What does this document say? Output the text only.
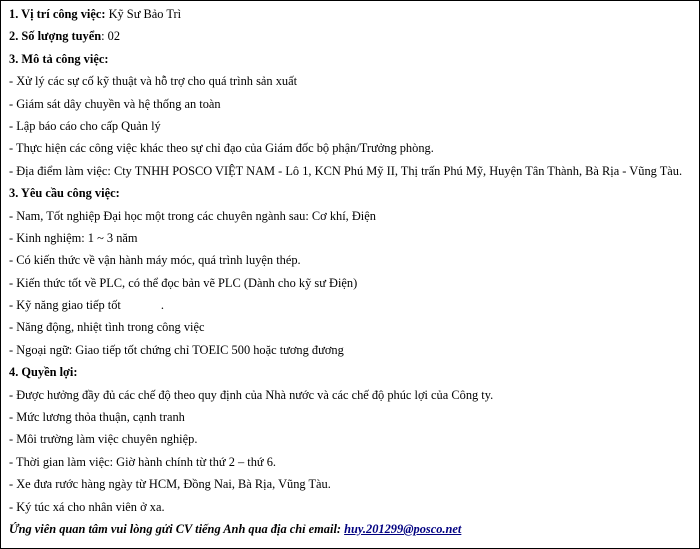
1. Vị trí công việc: Kỹ Sư Bảo Trì
2. Số lượng tuyển: 02
3. Mô tả công việc:
- Xử lý các sự cố kỹ thuật và hỗ trợ cho quá trình sản xuất
- Giám sát dây chuyền và hệ thống an toàn
- Lập báo cáo cho cấp Quản lý
- Thực hiện các công việc khác theo sự chỉ đạo của Giám đốc bộ phận/Trưởng phòng.
- Địa điểm làm việc: Cty TNHH POSCO VIỆT NAM - Lô 1, KCN Phú Mỹ II, Thị trấn Phú Mỹ, Huyện Tân Thành, Bà Rịa - Vũng Tàu.
3. Yêu cầu công việc:
- Nam, Tốt nghiệp Đại học một trong các chuyên ngành sau: Cơ khí, Điện
- Kinh nghiệm: 1 ~ 3 năm
- Có kiến thức về vận hành máy móc, quá trình luyện thép.
- Kiến thức tốt về PLC, có thể đọc bản vẽ PLC (Dành cho kỹ sư Điện)
- Kỹ năng giao tiếp tốt	.
- Năng động, nhiệt tình trong công việc
- Ngoại ngữ: Giao tiếp tốt chứng chỉ TOEIC 500 hoặc tương đương
4. Quyền lợi:
- Được hưởng đầy đủ các chế độ theo quy định của Nhà nước và các chế độ phúc lợi của Công ty.
- Mức lương thỏa thuận, cạnh tranh
- Môi trường làm việc chuyên nghiệp.
- Thời gian làm việc: Giờ hành chính từ thứ 2 – thứ 6.
- Xe đưa rước hàng ngày từ HCM, Đồng Nai, Bà Rịa, Vũng Tàu.
- Ký túc xá cho nhân viên ở xa.
Ứng viên quan tâm vui lòng gửi CV tiếng Anh qua địa chỉ email: huy.201299@posco.net
